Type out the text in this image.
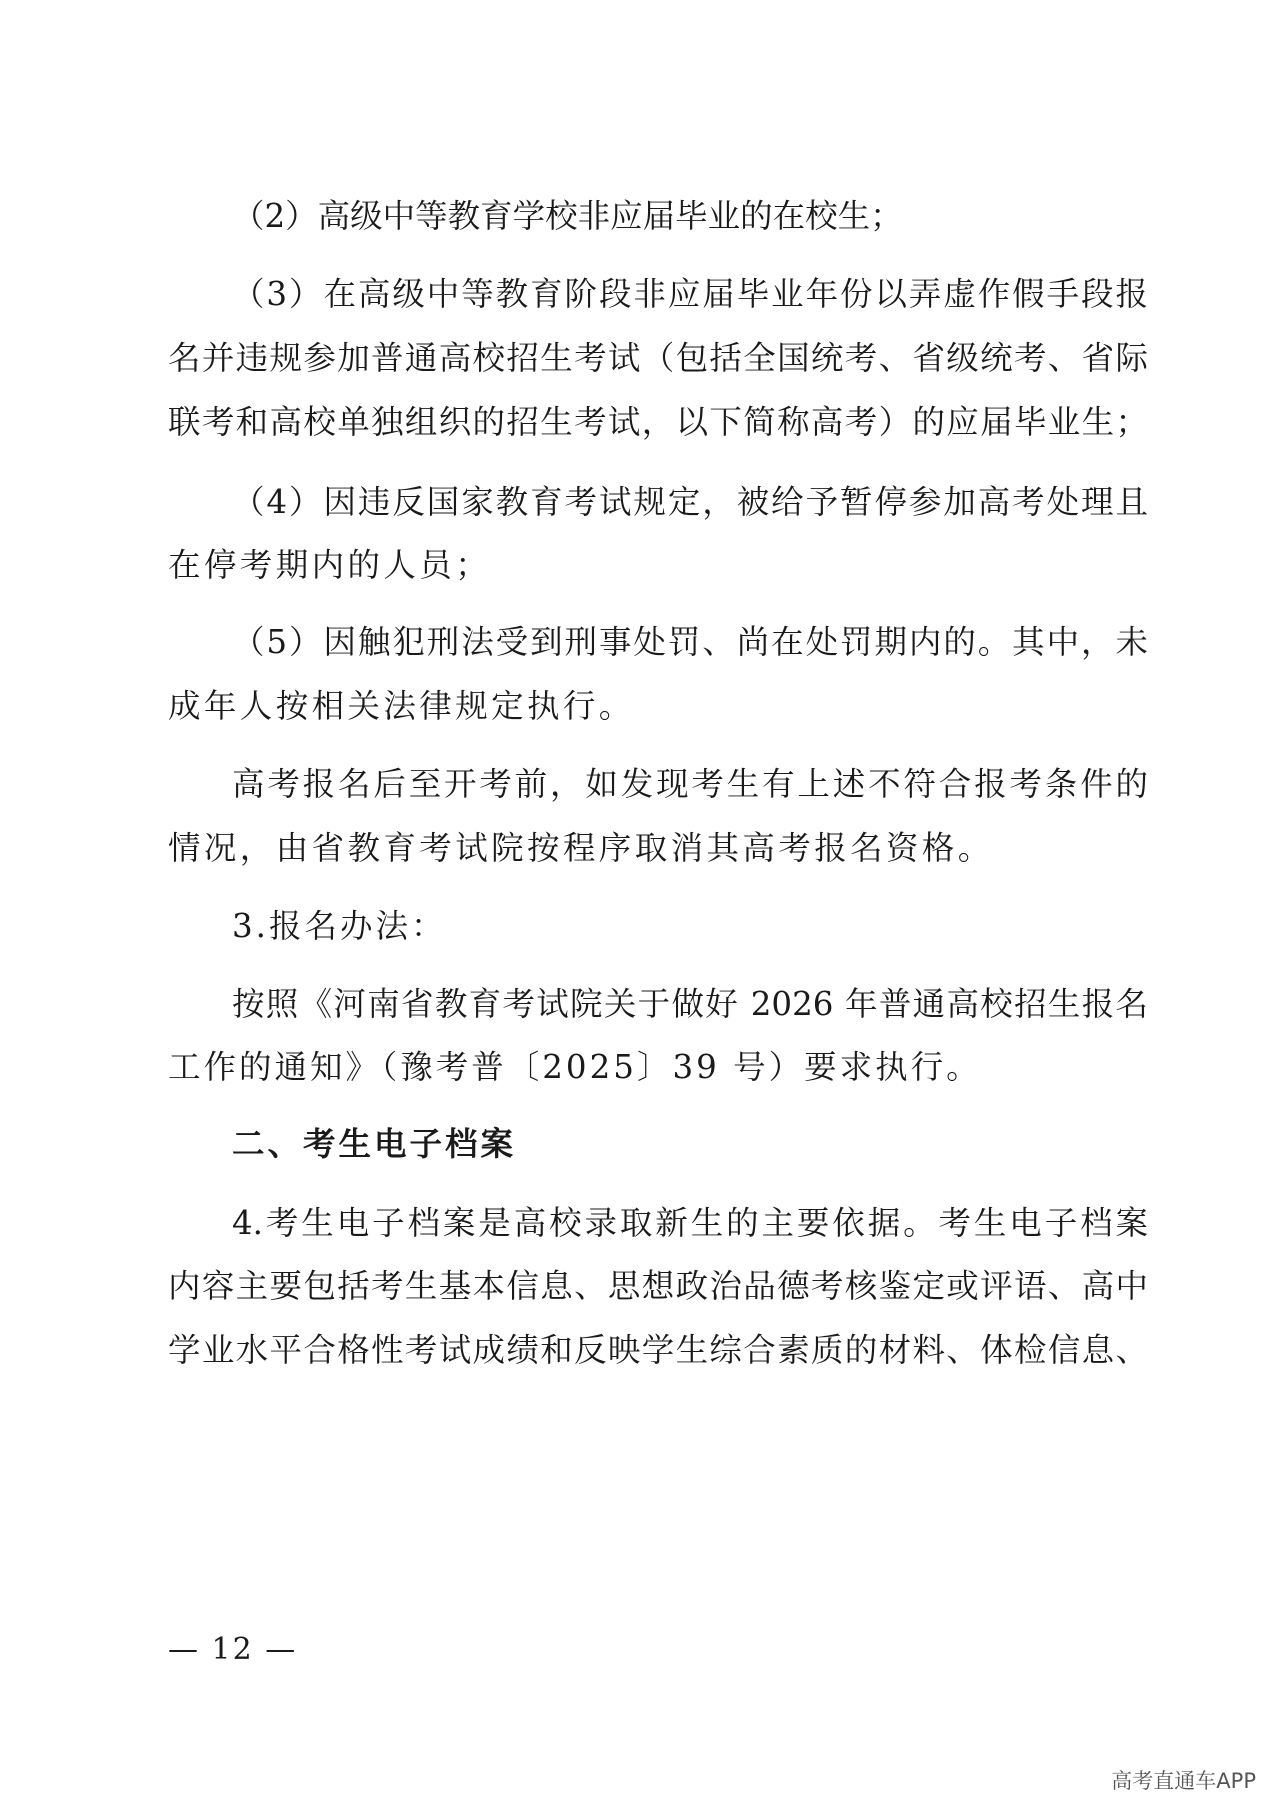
（2）高级中等教育学校非应届毕业的在校生；
（3）在高级中等教育阶段非应届毕业年份以弄虚作假手段报
名并违规参加普通高校招生考试（包括全国统考、省级统考、省际
联考和高校单独组织的招生考试，以下简称高考）的应届毕业生；
（4）因违反国家教育考试规定，被给予暂停参加高考处理且
在停考期内的人员；
（5）因触犯刑法受到刑事处罚、尚在处罚期内的。其中，未
成年人按相关法律规定执行。
高考报名后至开考前，如发现考生有上述不符合报考条件的
情况，由省教育考试院按程序取消其高考报名资格。
3.报名办法：
按照《河南省教育考试院关于做好 2026 年普通高校招生报名
工作的通知》（豫考普〔2025〕39 号）要求执行。
二、考生电子档案
4.考生电子档案是高校录取新生的主要依据。考生电子档案
内容主要包括考生基本信息、思想政治品德考核鉴定或评语、高中
学业水平合格性考试成绩和反映学生综合素质的材料、体检信息、
— 12 —
高考直通车APP
